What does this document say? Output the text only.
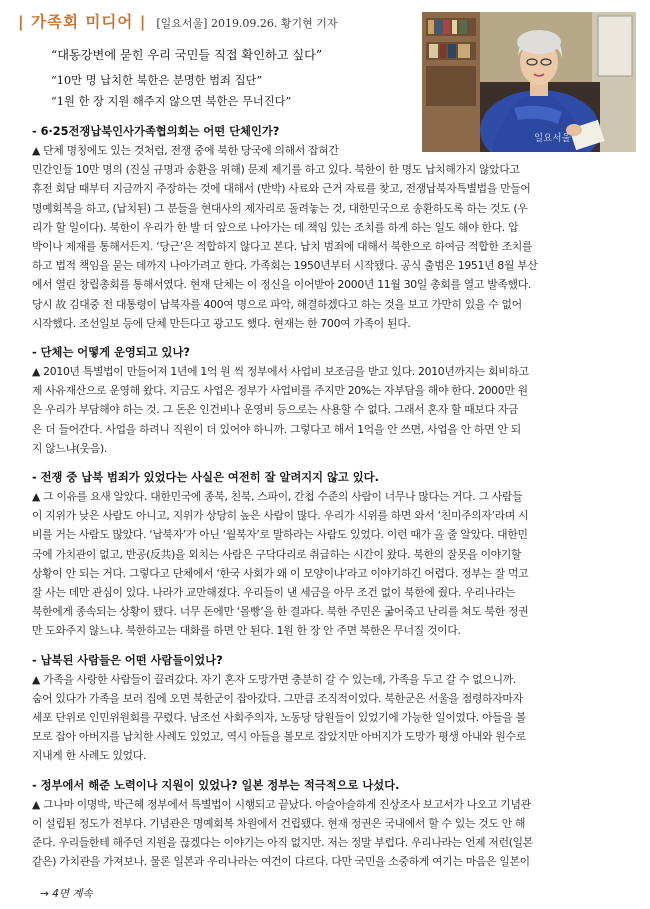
| 가족회 미디어 | [일요서울] 2019.09.26. 황기현 기자
“대동강변에 묻힌 우리 국민들 직접 확인하고 싶다”
“10만 명 납치한 북한은 분명한 범죄 집단”
“1원 한 장 지원 해주지 않으면 북한은 무너진다”
일요서울
- 6·25전쟁납북인사가족협의회는 어떤 단체인가?

▲ 단체 명칭에도 있는 것처럼, 전쟁 중에 북한 당국에 의해서 잡혀간

민간인들 10만 명의 (진실 규명과 송환을 위해) 문제 제기를 하고 있다. 북한이 한 명도 납치해가지 않았다고

휴전 회담 때부터 지금까지 주장하는 것에 대해서 (반박) 사료와 근거 자료를 찾고, 전쟁납북자특별법을 만들어

명예회복을 하고, (납치된) 그 분들을 현대사의 제자리로 돌려놓는 것, 대한민국으로 송환하도록 하는 것도 (우

리가 할 일이다). 북한이 우리가 한 발 더 앞으로 나아가는 데 책임 있는 조치를 하게 하는 일도 해야 한다. 압

박이나 제재를 통해서든지. ‘당근’은 적합하지 않다고 본다. 납치 범죄에 대해서 북한으로 하여금 적합한 조치를

하고 법적 책임을 묻는 데까지 나아가려고 한다. 가족회는 1950년부터 시작됐다. 공식 출범은 1951년 8월 부산

에서 열린 창립총회를 통해서였다. 현재 단체는 이 정신을 이어받아 2000년 11월 30일 총회를 열고 발족했다.

당시 故 김대중 전 대통령이 납북자를 400여 명으로 파악, 해결하겠다고 하는 것을 보고 가만히 있을 수 없어

시작했다. 조선일보 등에 단체 만든다고 광고도 했다. 현재는 한 700여 가족이 된다.

- 단체는 어떻게 운영되고 있나?

▲ 2010년 특별법이 만들어져 1년에 1억 원 씩 정부에서 사업비 보조금을 받고 있다. 2010년까지는 회비하고

제 사유재산으로 운영해 왔다. 지금도 사업은 정부가 사업비를 주지만 20%는 자부담을 해야 한다. 2000만 원

은 우리가 부담해야 하는 것. 그 돈은 인건비나 운영비 등으로는 사용할 수 없다. 그래서 혼자 할 때보다 자금

은 더 들어간다. 사업을 하려니 직원이 더 있어야 하니까. 그렇다고 해서 1억을 안 쓰면, 사업을 안 하면 안 되

지 않느냐(웃음).

- 전쟁 중 납북 범죄가 있었다는 사실은 여전히 잘 알려지지 않고 있다.

▲ 그 이유를 요새 알았다. 대한민국에 종북, 친북, 스파이, 간첩 수준의 사람이 너무나 많다는 거다. 그 사람들

이 지위가 낮은 사람도 아니고, 지위가 상당히 높은 사람이 많다. 우리가 시위를 하면 와서 ‘친미주의자’라며 시

비를 거는 사람도 많았다. ‘납북자’가 아닌 ‘월북자’로 말하라는 사람도 있었다. 이런 때가 올 줄 알았다. 대한민

국에 가치관이 없고, 반공(反共)을 외치는 사람은 구닥다리로 취급하는 시간이 왔다. 북한의 잘못을 이야기할

상황이 안 되는 거다. 그렇다고 단체에서 ‘한국 사회가 왜 이 모양이냐’라고 이야기하긴 어렵다. 정부는 잘 먹고

잘 사는 데만 관심이 있다. 나라가 교만해졌다. 우리들이 낸 세금을 아무 조건 없이 북한에 줬다. 우리나라는

북한에게 종속되는 상황이 됐다. 너무 돈에만 ‘몰빵’을 한 결과다. 북한 주민은 굶어죽고 난리를 쳐도 북한 정권

만 도와주지 않느냐. 북한하고는 대화를 하면 안 된다. 1원 한 장 안 주면 북한은 무너질 것이다.

- 납북된 사람들은 어떤 사람들이었나?

▲ 가족을 사랑한 사람들이 끌려갔다. 자기 혼자 도망가면 충분히 갈 수 있는데, 가족을 두고 갈 수 없으니까.

숨어 있다가 가족을 보러 집에 오면 북한군이 잡아갔다. 그만큼 조직적이었다. 북한군은 서울을 점령하자마자

세포 단위로 인민위원회를 꾸렸다. 남조선 사회주의자, 노동당 당원들이 있었기에 가능한 일이었다. 아들을 볼

모로 잡아 아버지를 납치한 사례도 있었고, 역시 아들을 볼모로 잡았지만 아버지가 도망가 평생 아내와 원수로

지내게 한 사례도 있었다.

- 정부에서 해준 노력이나 지원이 있었나? 일본 정부는 적극적으로 나섰다.

▲ 그나마 이명박, 박근혜 정부에서 특별법이 시행되고 끝났다. 아슬아슬하게 진상조사 보고서가 나오고 기념관

이 설립된 정도가 전부다. 기념관은 명예회복 차원에서 건립됐다. 현재 정권은 국내에서 할 수 있는 것도 안 해

준다. 우리들한테 해주던 지원을 끊겠다는 이야기는 아직 없지만. 저는 정말 부럽다. 우리나라는 언제 저런(일본

같은) 가치관을 가져보나. 물론 일본과 우리나라는 여건이 다르다. 다만 국민을 소중하게 여기는 마음은 일본이

→ 4면 계속
